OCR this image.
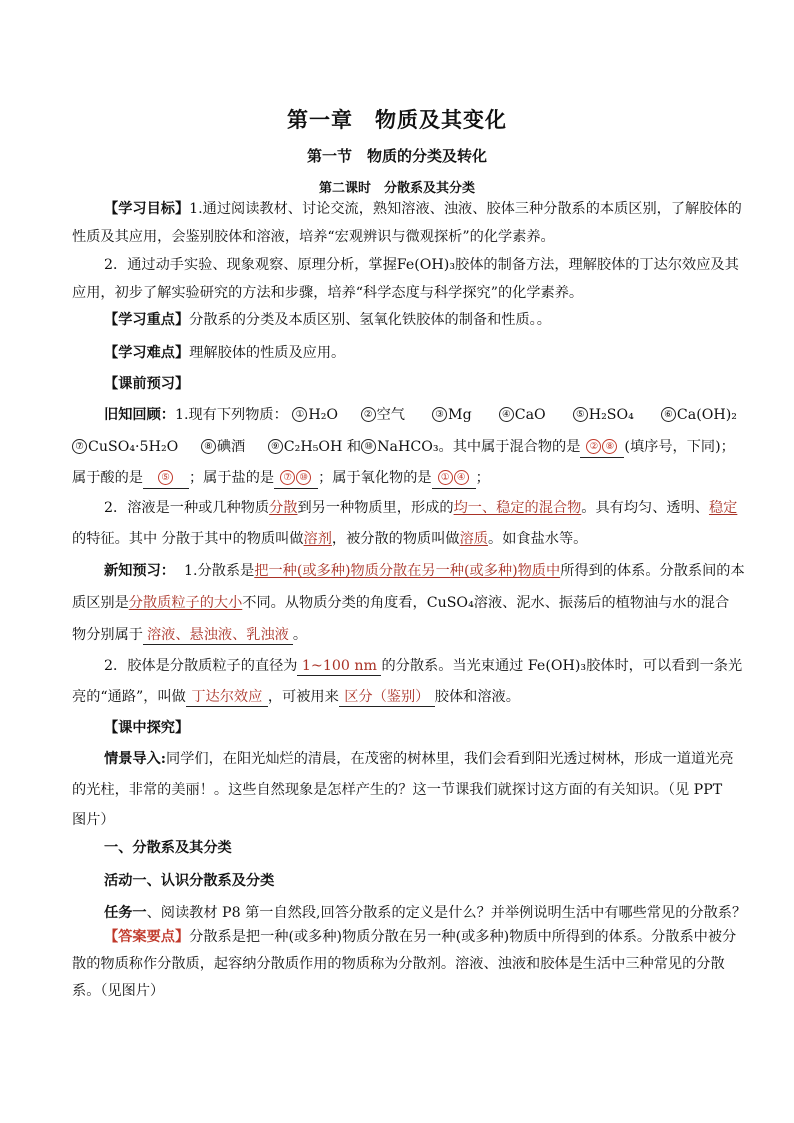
第一章　物质及其变化
第一节　物质的分类及转化
第二课时　分散系及其分类
【学习目标】1.通过阅读教材、讨论交流，熟知溶液、浊液、胶体三种分散系的本质区别，了解胶体的
性质及其应用，会鉴别胶体和溶液，培养“宏观辨识与微观探析”的化学素养。
2．通过动手实验、现象观察、原理分析，掌握Fe(OH)₃胶体的制备方法，理解胶体的丁达尔效应及其
应用，初步了解实验研究的方法和步骤，培养“科学态度与科学探究”的化学素养。
【学习重点】分散系的分类及本质区别、氢氧化铁胶体的制备和性质。。
【学习难点】理解胶体的性质及应用。
【课前预习】
旧知回顾：1.现有下列物质： ① H₂O	② 空气	③ Mg	④ CaO	⑤ H₂SO₄	⑥ Ca(OH)₂
⑦ CuSO₄·5H₂O	⑧ 碘酒	⑨ C₂H₅OH 和 ⑩ NaHCO₃。其中属于混合物的是 ② ⑧ (填序号，下同)；
属于酸的是 ⑤ ；属于盐的是 ⑦ ⑩ ；属于氧化物的是 ① ④ ；
2．溶液是一种或几种物质分散到另一种物质里，形成的均一、稳定的混合物。具有均匀、透明、稳定
的特征。其中 分散于其中的物质叫做溶剂，被分散的物质叫做溶质。如食盐水等。
新知预习： 1.分散系是把一种(或多种)物质分散在另一种(或多种)物质中所得到的体系。分散系间的本
质区别是分散质粒子的大小不同。从物质分类的角度看，CuSO₄溶液、泥水、振荡后的植物油与水的混合
物分别属于 溶液、悬浊液、乳浊液 。
2．胶体是分散质粒子的直径为 1~100 nm 的分散系。当光束通过 Fe(OH)₃胶体时，可以看到一条光
亮的“通路”，叫做 丁达尔效应 ，可被用来 区分（鉴别） 胶体和溶液。
【课中探究】
情景导入:同学们，在阳光灿烂的清晨，在茂密的树林里，我们会看到阳光透过树林，形成一道道光亮
的光柱，非常的美丽！。这些自然现象是怎样产生的？这一节课我们就探讨这方面的有关知识。（见 PPT
图片）
一、分散系及其分类
活动一、认识分散系及分类
任务一、阅读教材 P8 第一自然段,回答分散系的定义是什么？并举例说明生活中有哪些常见的分散系？
【答案要点】分散系是把一种(或多种)物质分散在另一种(或多种)物质中所得到的体系。分散系中被分
散的物质称作分散质，起容纳分散质作用的物质称为分散剂。溶液、浊液和胶体是生活中三种常见的分散
系。（见图片）
